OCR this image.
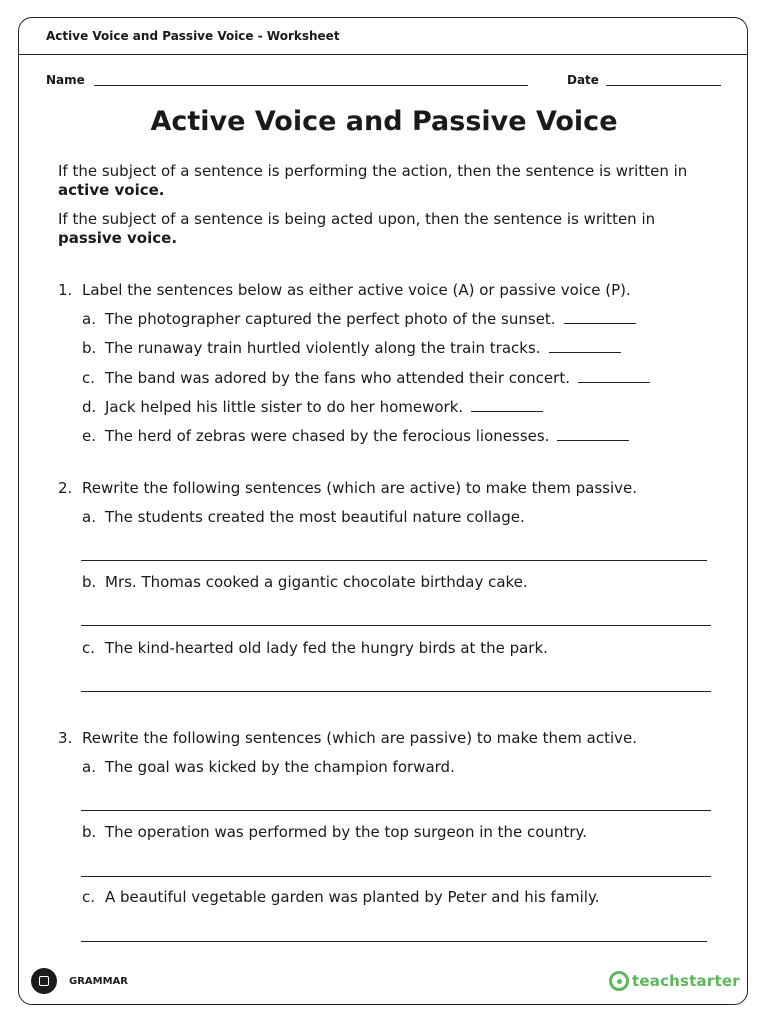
Active Voice and Passive Voice - Worksheet
Name	Date
Active Voice and Passive Voice
If the subject of a sentence is performing the action, then the sentence is written in active voice.
If the subject of a sentence is being acted upon, then the sentence is written in passive voice.
1. Label the sentences below as either active voice (A) or passive voice (P).
a. The photographer captured the perfect photo of the sunset.
b. The runaway train hurtled violently along the train tracks.
c. The band was adored by the fans who attended their concert.
d. Jack helped his little sister to do her homework.
e. The herd of zebras were chased by the ferocious lionesses.
2. Rewrite the following sentences (which are active) to make them passive.
a. The students created the most beautiful nature collage.
b. Mrs. Thomas cooked a gigantic chocolate birthday cake.
c. The kind-hearted old lady fed the hungry birds at the park.
3. Rewrite the following sentences (which are passive) to make them active.
a. The goal was kicked by the champion forward.
b. The operation was performed by the top surgeon in the country.
c. A beautiful vegetable garden was planted by Peter and his family.
GRAMMAR	teachstarter
